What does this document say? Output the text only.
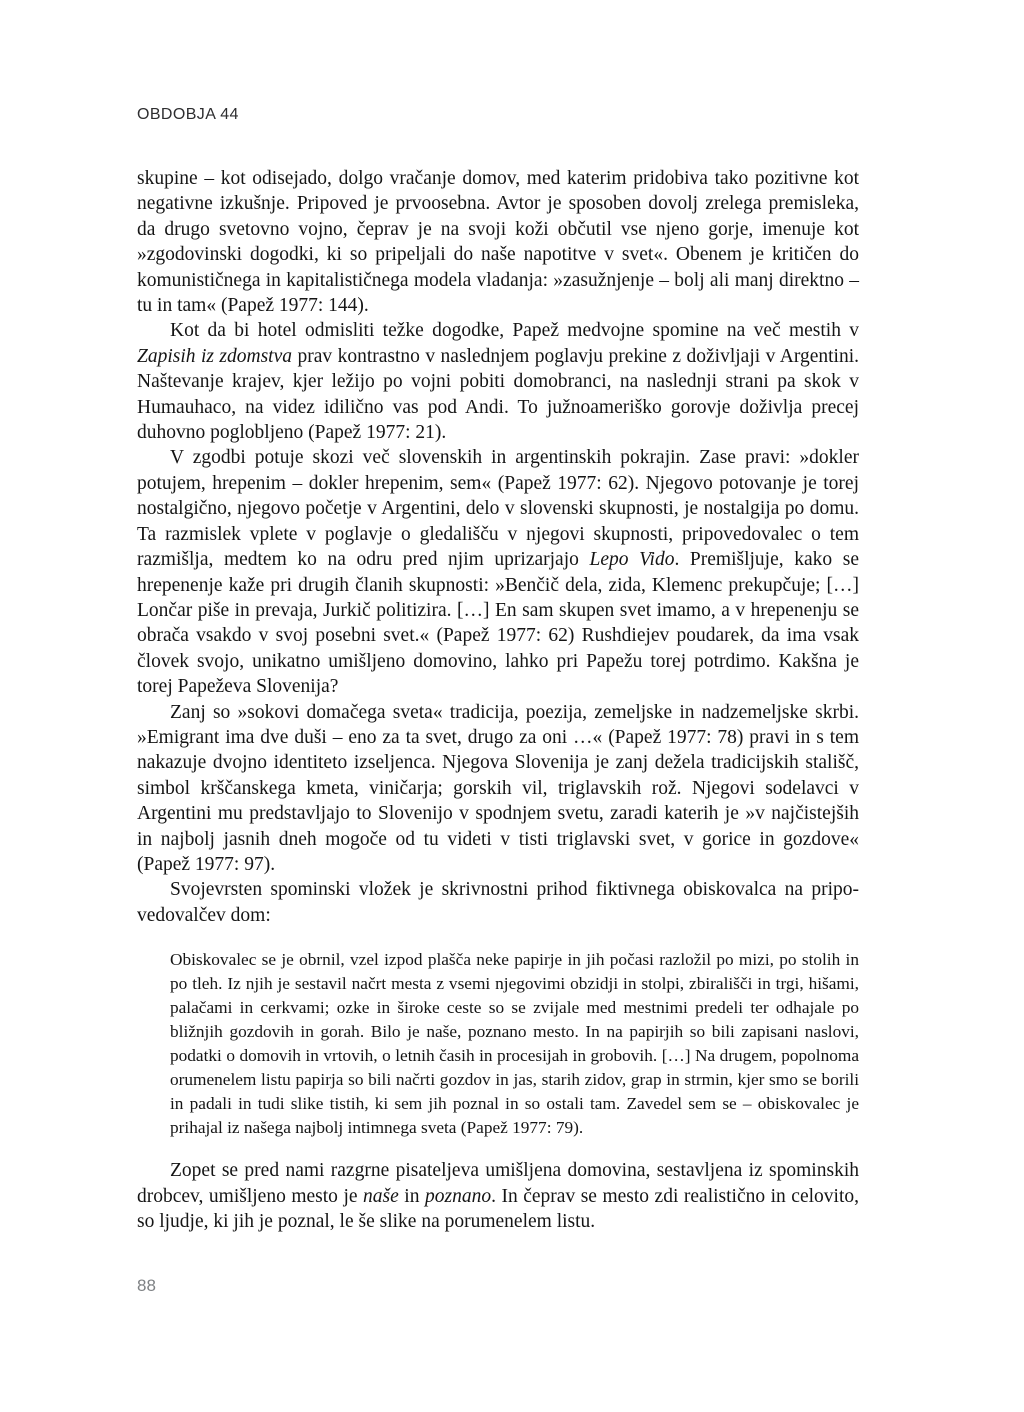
OBDOBJA 44

skupine – kot odisejado, dolgo vračanje domov, med katerim pridobiva tako pozitivne kot negativne izkušnje. Pripoved je prvoosebna. Avtor je sposoben dovolj zrelega premisleka, da drugo svetovno vojno, čeprav je na svoji koži občutil vse njeno gorje, imenuje kot »zgodovinski dogodki, ki so pripeljali do naše napotitve v svet«. Obenem je kritičen do komunističnega in kapitalističnega modela vladanja: »zasužnjenje – bolj ali manj direktno – tu in tam« (Papež 1977: 144).

Kot da bi hotel odmisliti težke dogodke, Papež medvojne spomine na več mestih v Zapisih iz zdomstva prav kontrastno v naslednjem poglavju prekine z doživljaji v Argentini. Naštevanje krajev, kjer ležijo po vojni pobiti domobranci, na naslednji strani pa skok v Humauhaco, na videz idilično vas pod Andi. To južnoameriško gorovje doživlja precej duhovno poglobljeno (Papež 1977: 21).

V zgodbi potuje skozi več slovenskih in argentinskih pokrajin. Zase pravi: »dokler potujem, hrepenim – dokler hrepenim, sem« (Papež 1977: 62). Njegovo potovanje je torej nostalgično, njegovo početje v Argentini, delo v slovenski skupnosti, je nostalgija po domu. Ta razmislek vplete v poglavje o gledališču v njegovi skupnosti, pripovedovalec o tem razmišlja, medtem ko na odru pred njim uprizarjajo Lepo Vido. Premišljuje, kako se hrepenenje kaže pri drugih članih skupnosti: »Benčič dela, zida, Klemenc prekupčuje; […] Lončar piše in prevaja, Jurkič politizira. […] En sam skupen svet imamo, a v hrepenenju se obrača vsakdo v svoj posebni svet.« (Papež 1977: 62) Rushdiejev poudarek, da ima vsak človek svojo, unikatno umišljeno domovino, lahko pri Papežu torej potrdimo. Kakšna je torej Papeževa Slovenija?

Zanj so »sokovi domačega sveta« tradicija, poezija, zemeljske in nadzemeljske skrbi. »Emigrant ima dve duši – eno za ta svet, drugo za oni …« (Papež 1977: 78) pravi in s tem nakazuje dvojno identiteto izseljenca. Njegova Slovenija je zanj dežela tradicijskih stališč, simbol krščanskega kmeta, viničarja; gorskih vil, triglavskih rož. Njegovi sodelavci v Argentini mu predstavljajo to Slovenijo v spodnjem svetu, zaradi katerih je »v najčistejših in najbolj jasnih dneh mogoče od tu videti v tisti triglavski svet, v gorice in gozdove« (Papež 1977: 97).

Svojevrsten spominski vložek je skrivnostni prihod fiktivnega obiskovalca na pripovedovalčev dom:

Obiskovalec se je obrnil, vzel izpod plašča neke papirje in jih počasi razložil po mizi, po stolih in po tleh. Iz njih je sestavil načrt mesta z vsemi njegovimi obzidji in stolpi, zbirališči in trgi, hišami, palačami in cerkvami; ozke in široke ceste so se zvijale med mestnimi predeli ter odhajale po bližnjih gozdovih in gorah. Bilo je naše, poznano mesto. In na papirjih so bili zapisani naslovi, podatki o domovih in vrtovih, o letnih časih in procesijah in grobovih. […] Na drugem, popolnoma orumenelem listu papirja so bili načrti gozdov in jas, starih zidov, grap in strmin, kjer smo se borili in padali in tudi slike tistih, ki sem jih poznal in so ostali tam. Zavedel sem se – obiskovalec je prihajal iz našega najbolj intimnega sveta (Papež 1977: 79).

Zopet se pred nami razgrne pisateljeva umišljena domovina, sestavljena iz spominskih drobcev, umišljeno mesto je naše in poznano. In čeprav se mesto zdi realistično in celovito, so ljudje, ki jih je poznal, le še slike na porumenelem listu.

88
